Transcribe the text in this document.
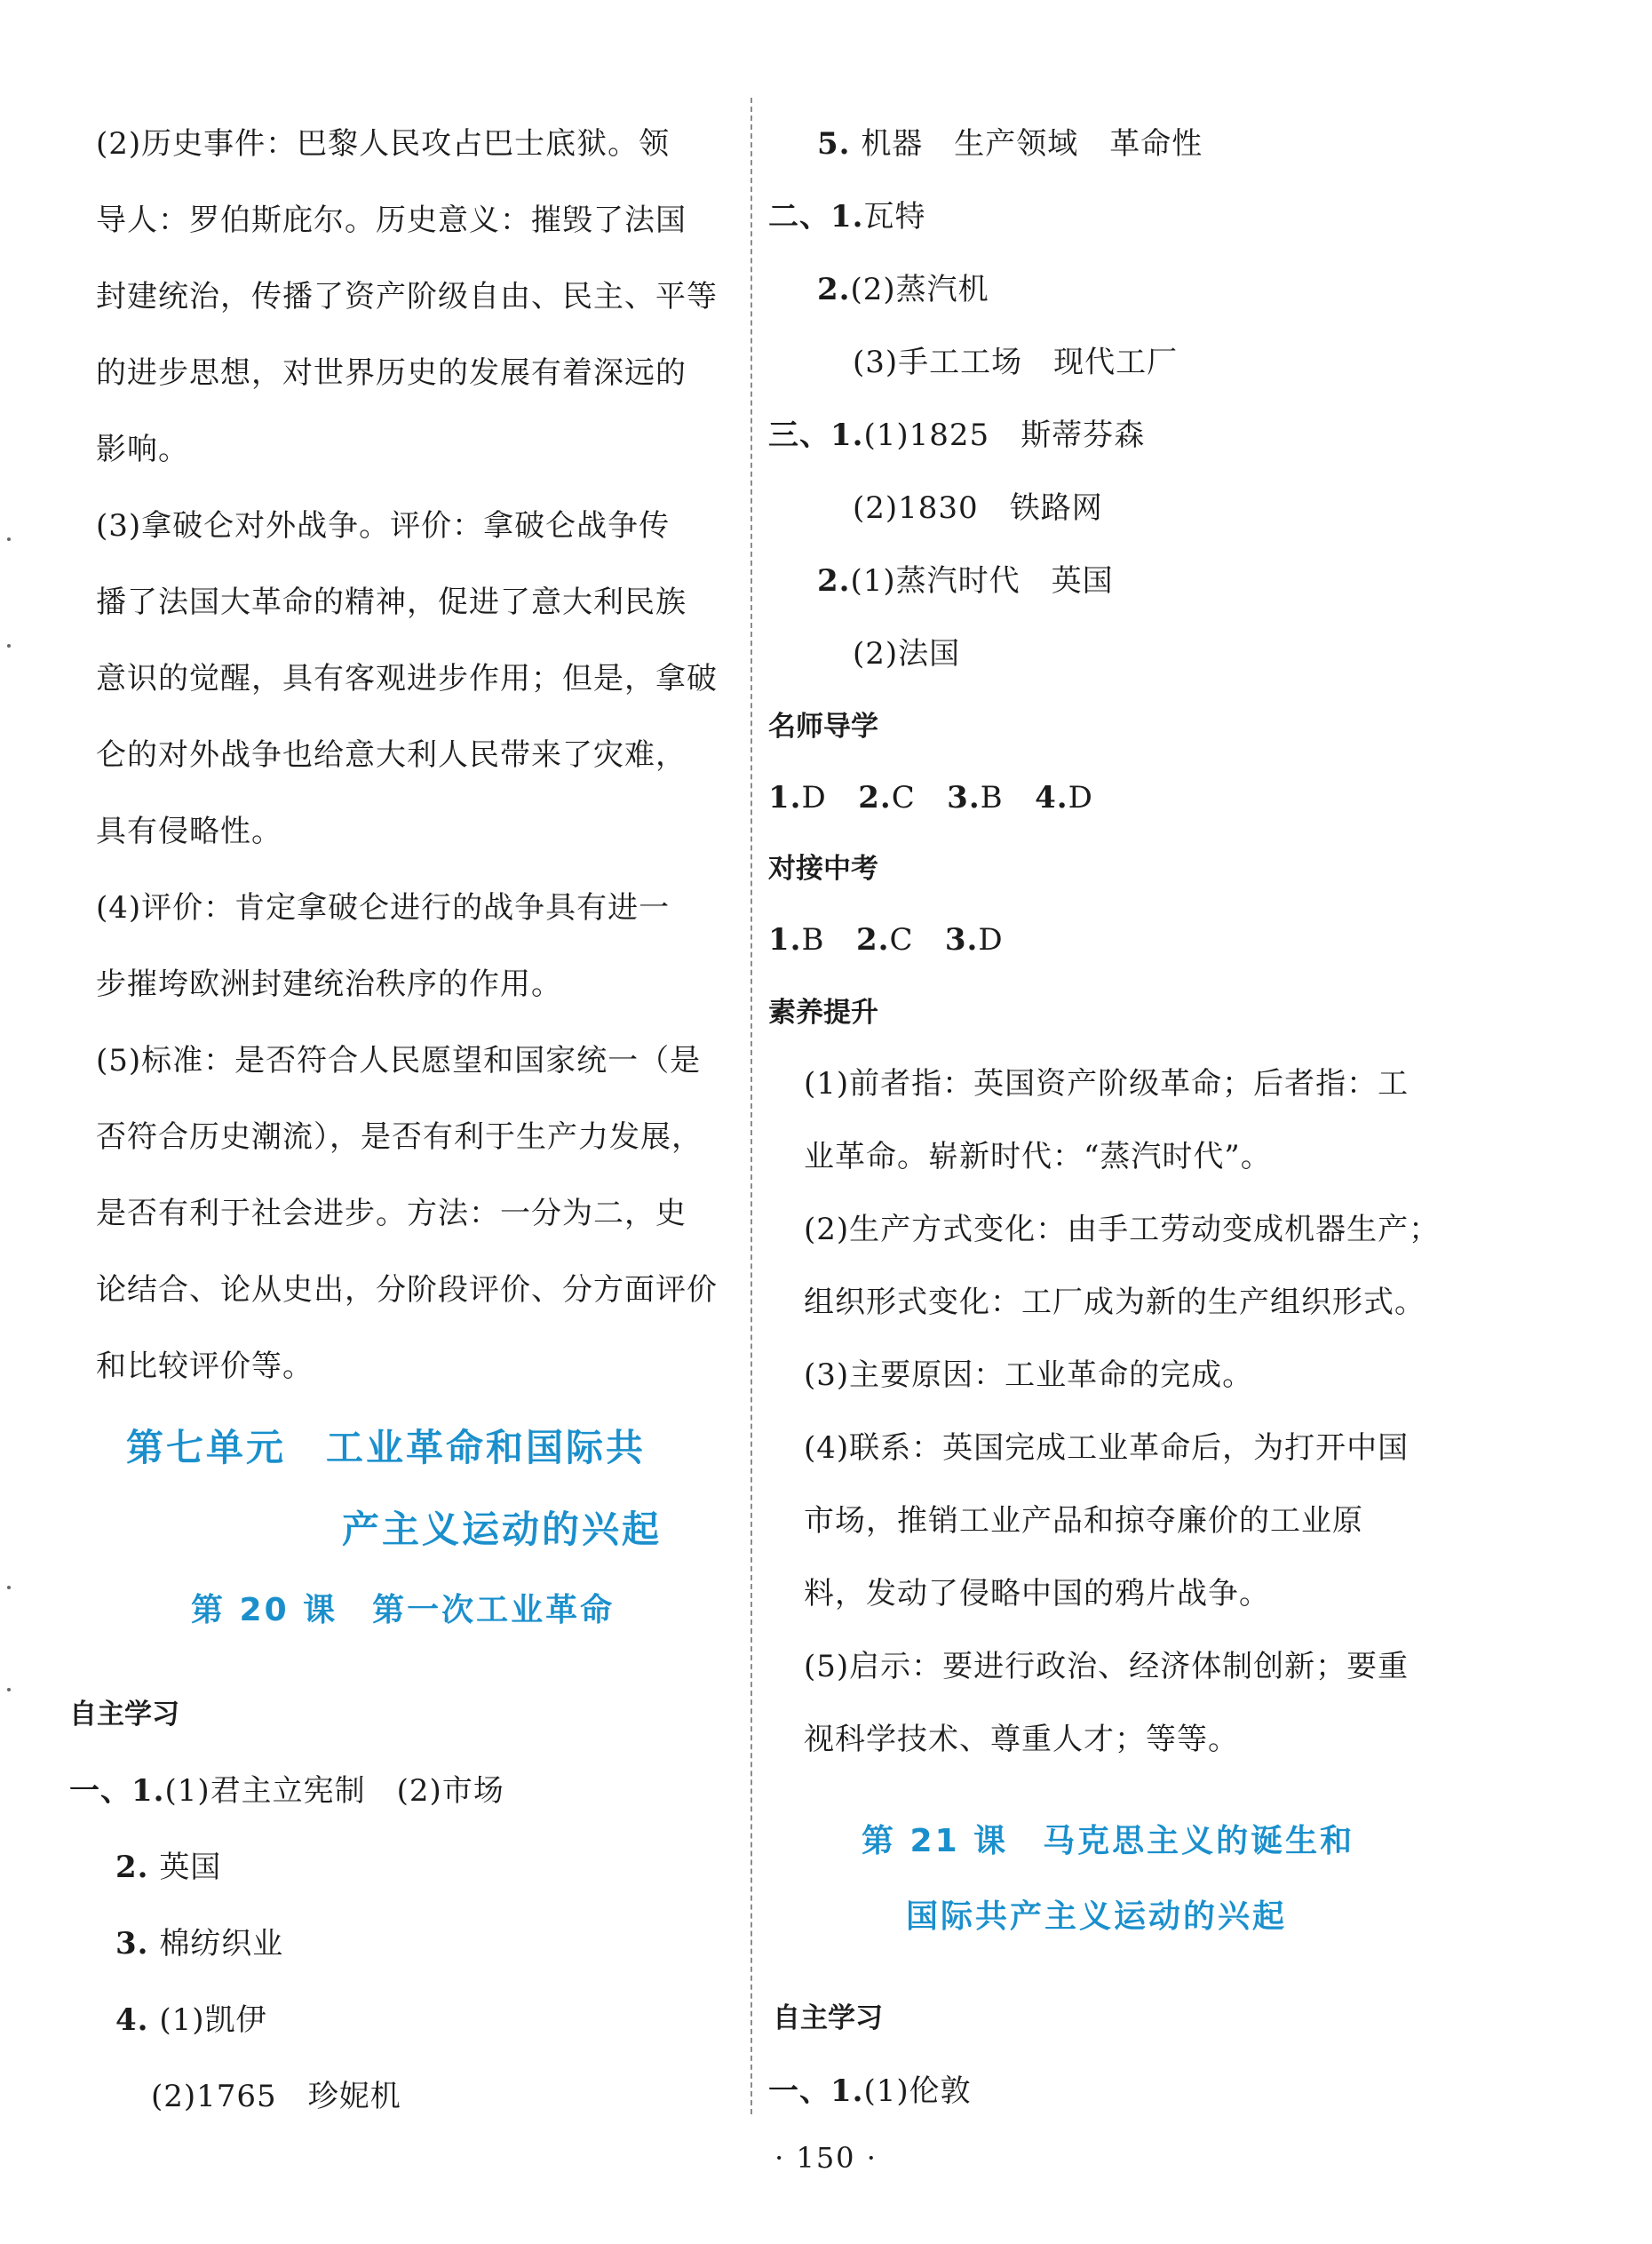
(2)历史事件：巴黎人民攻占巴士底狱。领
导人：罗伯斯庇尔。历史意义：摧毁了法国
封建统治，传播了资产阶级自由、民主、平等
的进步思想，对世界历史的发展有着深远的
影响。
(3)拿破仑对外战争。评价：拿破仑战争传
播了法国大革命的精神，促进了意大利民族
意识的觉醒，具有客观进步作用；但是，拿破
仑的对外战争也给意大利人民带来了灾难，
具有侵略性。
(4)评价：肯定拿破仑进行的战争具有进一
步摧垮欧洲封建统治秩序的作用。
(5)标准：是否符合人民愿望和国家统一（是
否符合历史潮流），是否有利于生产力发展，
是否有利于社会进步。方法：一分为二，史
论结合、论从史出，分阶段评价、分方面评价
和比较评价等。
第七单元　工业革命和国际共
产主义运动的兴起
第 20 课　第一次工业革命
自主学习
一、1.(1)君主立宪制　(2)市场
2. 英国
3. 棉纺织业
4. (1)凯伊
(2)1765　珍妮机
5. 机器　生产领域　革命性
二、1.瓦特
2.(2)蒸汽机
(3)手工工场　现代工厂
三、1.(1)1825　斯蒂芬森
(2)1830　铁路网
2.(1)蒸汽时代　英国
(2)法国
名师导学
1.D 2.C 3.B 4.D
对接中考
1.B 2.C 3.D
素养提升
(1)前者指：英国资产阶级革命；后者指：工
业革命。崭新时代：“蒸汽时代”。
(2)生产方式变化：由手工劳动变成机器生产；
组织形式变化：工厂成为新的生产组织形式。
(3)主要原因：工业革命的完成。
(4)联系：英国完成工业革命后，为打开中国
市场，推销工业产品和掠夺廉价的工业原
料，发动了侵略中国的鸦片战争。
(5)启示：要进行政治、经济体制创新；要重
视科学技术、尊重人才；等等。
第 21 课　马克思主义的诞生和
国际共产主义运动的兴起
自主学习
一、1.(1)伦敦
· 150 ·
